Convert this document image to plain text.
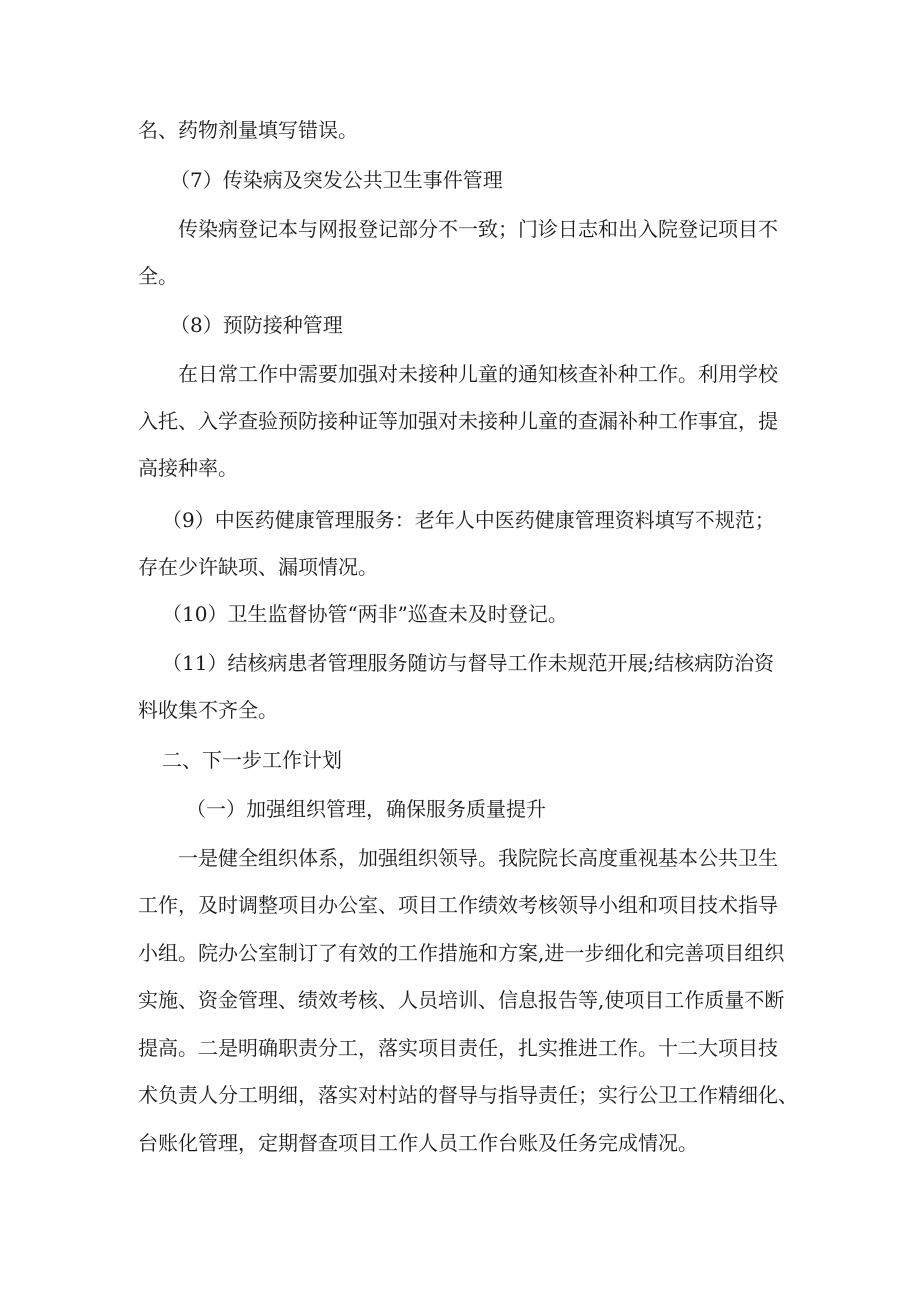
名、药物剂量填写错误。
（7）传染病及突发公共卫生事件管理
传染病登记本与网报登记部分不一致；门诊日志和出入院登记项目不
全。
（8）预防接种管理
在日常工作中需要加强对未接种儿童的通知核查补种工作。利用学校
入托、入学查验预防接种证等加强对未接种儿童的查漏补种工作事宜，提
高接种率。
（9）中医药健康管理服务：老年人中医药健康管理资料填写不规范；
存在少许缺项、漏项情况。
（10）卫生监督协管“两非”巡查未及时登记。
（11）结核病患者管理服务随访与督导工作未规范开展;结核病防治资
料收集不齐全。
二、下一步工作计划
（一）加强组织管理，确保服务质量提升
一是健全组织体系，加强组织领导。我院院长高度重视基本公共卫生
工作，及时调整项目办公室、项目工作绩效考核领导小组和项目技术指导
小组。院办公室制订了有效的工作措施和方案,进一步细化和完善项目组织
实施、资金管理、绩效考核、人员培训、信息报告等,使项目工作质量不断
提高。二是明确职责分工，落实项目责任，扎实推进工作。十二大项目技
术负责人分工明细，落实对村站的督导与指导责任；实行公卫工作精细化、
台账化管理，定期督查项目工作人员工作台账及任务完成情况。
